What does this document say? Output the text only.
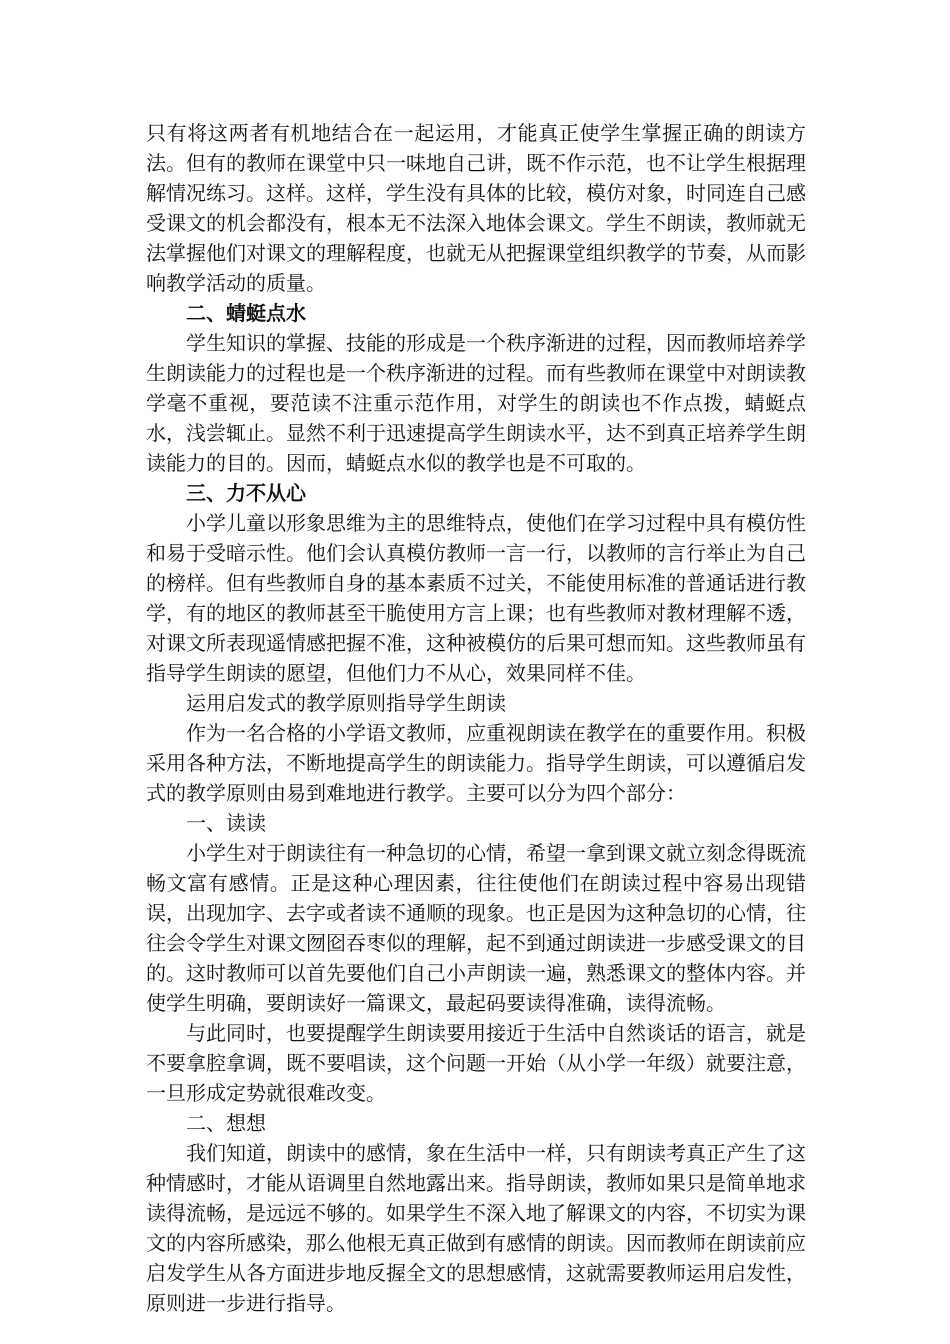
只有将这两者有机地结合在一起运用，才能真正使学生掌握正确的朗读方法。但有的教师在课堂中只一味地自己讲，既不作示范，也不让学生根据理解情况练习。这样。这样，学生没有具体的比较，模仿对象，时同连自己感受课文的机会都没有，根本无不法深入地体会课文。学生不朗读，教师就无法掌握他们对课文的理解程度，也就无从把握课堂组织教学的节奏，从而影响教学活动的质量。

二、蜻蜓点水

学生知识的掌握、技能的形成是一个秩序渐进的过程，因而教师培养学生朗读能力的过程也是一个秩序渐进的过程。而有些教师在课堂中对朗读教学毫不重视，要范读不注重示范作用，对学生的朗读也不作点拨，蜻蜓点水，浅尝辄止。显然不利于迅速提高学生朗读水平，达不到真正培养学生朗读能力的目的。因而，蜻蜓点水似的教学也是不可取的。

三、力不从心

小学儿童以形象思维为主的思维特点，使他们在学习过程中具有模仿性和易于受暗示性。他们会认真模仿教师一言一行，以教师的言行举止为自己的榜样。但有些教师自身的基本素质不过关，不能使用标准的普通话进行教学，有的地区的教师甚至干脆使用方言上课；也有些教师对教材理解不透，对课文所表现遥情感把握不准，这种被模仿的后果可想而知。这些教师虽有指导学生朗读的愿望，但他们力不从心，效果同样不佳。

运用启发式的教学原则指导学生朗读

作为一名合格的小学语文教师，应重视朗读在教学在的重要作用。积极采用各种方法，不断地提高学生的朗读能力。指导学生朗读，可以遵循启发式的教学原则由易到难地进行教学。主要可以分为四个部分：

一、读读

小学生对于朗读往有一种急切的心情，希望一拿到课文就立刻念得既流畅文富有感情。正是这种心理因素，往往使他们在朗读过程中容易出现错误，出现加字、去字或者读不通顺的现象。也正是因为这种急切的心情，往往会令学生对课文囫囵吞枣似的理解，起不到通过朗读进一步感受课文的目的。这时教师可以首先要他们自己小声朗读一遍，熟悉课文的整体内容。并使学生明确，要朗读好一篇课文，最起码要读得准确，读得流畅。

与此同时，也要提醒学生朗读要用接近于生活中自然谈话的语言，就是不要拿腔拿调，既不要唱读，这个问题一开始（从小学一年级）就要注意，一旦形成定势就很难改变。

二、想想

我们知道，朗读中的感情，象在生活中一样，只有朗读考真正产生了这种情感时，才能从语调里自然地露出来。指导朗读，教师如果只是简单地求读得流畅，是远远不够的。如果学生不深入地了解课文的内容，不切实为课文的内容所感染，那么他根无真正做到有感情的朗读。因而教师在朗读前应启发学生从各方面进步地反握全文的思想感情，这就需要教师运用启发性，原则进一步进行指导。
